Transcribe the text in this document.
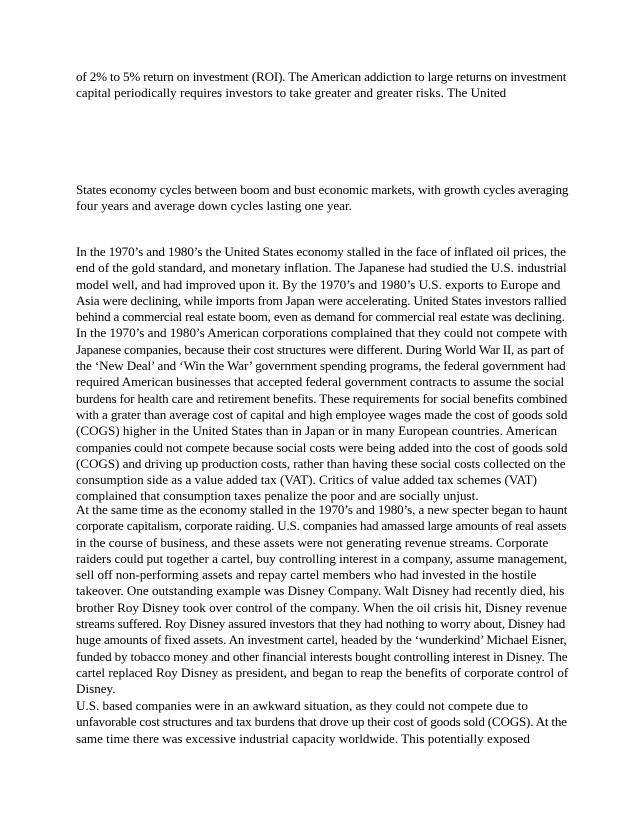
of 2% to 5% return on investment (ROI). The American addiction to large returns on investment
capital periodically requires investors to take greater and greater risks. The United
States economy cycles between boom and bust economic markets, with growth cycles averaging
four years and average down cycles lasting one year.
In the 1970’s and 1980’s the United States economy stalled in the face of inflated oil prices, the
end of the gold standard, and monetary inflation. The Japanese had studied the U.S. industrial
model well, and had improved upon it. By the 1970’s and 1980’s U.S. exports to Europe and
Asia were declining, while imports from Japan were accelerating. United States investors rallied
behind a commercial real estate boom, even as demand for commercial real estate was declining.
In the 1970’s and 1980’s American corporations complained that they could not compete with
Japanese companies, because their cost structures were different. During World War II, as part of
the ‘New Deal’ and ‘Win the War’ government spending programs, the federal government had
required American businesses that accepted federal government contracts to assume the social
burdens for health care and retirement benefits. These requirements for social benefits combined
with a grater than average cost of capital and high employee wages made the cost of goods sold
(COGS) higher in the United States than in Japan or in many European countries. American
companies could not compete because social costs were being added into the cost of goods sold
(COGS) and driving up production costs, rather than having these social costs collected on the
consumption side as a value added tax (VAT). Critics of value added tax schemes (VAT)
complained that consumption taxes penalize the poor and are socially unjust.
At the same time as the economy stalled in the 1970’s and 1980’s, a new specter began to haunt
corporate capitalism, corporate raiding. U.S. companies had amassed large amounts of real assets
in the course of business, and these assets were not generating revenue streams. Corporate
raiders could put together a cartel, buy controlling interest in a company, assume management,
sell off non-performing assets and repay cartel members who had invested in the hostile
takeover. One outstanding example was Disney Company. Walt Disney had recently died, his
brother Roy Disney took over control of the company. When the oil crisis hit, Disney revenue
streams suffered. Roy Disney assured investors that they had nothing to worry about, Disney had
huge amounts of fixed assets. An investment cartel, headed by the ‘wunderkind’ Michael Eisner,
funded by tobacco money and other financial interests bought controlling interest in Disney. The
cartel replaced Roy Disney as president, and began to reap the benefits of corporate control of
Disney.
U.S. based companies were in an awkward situation, as they could not compete due to
unfavorable cost structures and tax burdens that drove up their cost of goods sold (COGS). At the
same time there was excessive industrial capacity worldwide. This potentially exposed
